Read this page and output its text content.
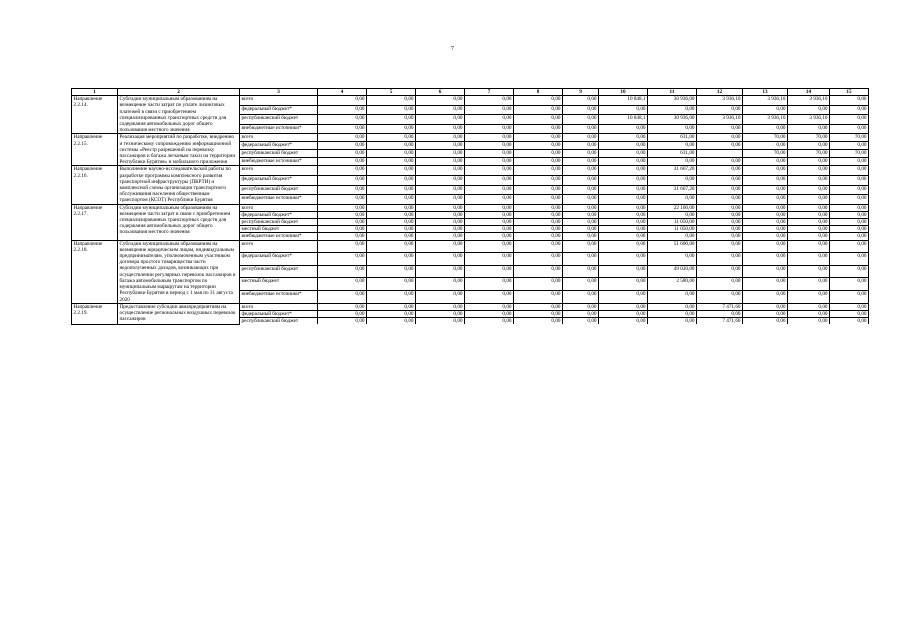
7
1	2	3	4	5	6	7	8	9	10	11	12	13	14	15
Направление 2.2.14.	Субсидии муниципальным образованиям на возмещение части затрат по уплате лизинговых платежей в связи с приобретением специализированных транспортных средств для содержания автомобильных дорог общего пользования местного значения	всего	0,00	0,00	0,00	0,00	0,00	0,00	10 848,1	30 936,00	3 936,10	3 936,10	3 936,10	0,00
		федеральный бюджет*	0,00	0,00	0,00	0,00	0,00	0,00	0,00	0,00	0,00	0,00	0,00	0,00
		республиканский бюджет	0,00	0,00	0,00	0,00	0,00	0,00	10 848,1	30 936,00	3 936,10	3 936,10	3 936,10	0,00
		внебюджетные источники*	0,00	0,00	0,00	0,00	0,00	0,00	0,00	0,00	0,00	0,00	0,00	0,00
Направление 2.2.15.	Реализация мероприятий по разработке, внедрению и техническому сопровождению информационной системы «Реестр разрешений на перевозку пассажиров и багажа легковым такси на территории Республики Бурятия» и мобильного приложения	всего	0,00	0,00	0,00	0,00	0,00	0,00	0,00	631,00	0,00	70,00	70,00	70,00
		федеральный бюджет*	0,00	0,00	0,00	0,00	0,00	0,00	0,00	0,00	0,00	0,00	0,00	0,00
		республиканский бюджет	0,00	0,00	0,00	0,00	0,00	0,00	0,00	631,00		70,00	70,00	70,00
		внебюджетные источники*	0,00	0,00	0,00	0,00	0,00	0,00	0,00	0,00	0,00	0,00	0,00	0,00
Направление 2.2.16.	Выполнение научно-исследовательской работы по разработке программы комплексного развития транспортной инфраструктуры (ПКРТИ) и комплексной схемы организации транспортного обслуживания населения общественным транспортом (КСОТ) Республики Бурятия	всего	0,00	0,00	0,00	0,00	0,00	0,00	0,00	31 667,20	0,00	0,00	0,00	0,00
		федеральный бюджет*	0,00	0,00	0,00	0,00	0,00	0,00	0,00	0,00	0,00	0,00	0,00	0,00
		республиканский бюджет	0,00	0,00	0,00	0,00	0,00	0,00	0,00	31 667,20	0,00	0,00	0,00	0,00
		внебюджетные источники*	0,00	0,00	0,00	0,00	0,00	0,00	0,00	0,00	0,00	0,00	0,00	0,00
Направление 2.2.17.	Субсидии муниципальным образованиям на возмещение части затрат в связи с приобретением специализированных транспортных средств для содержания автомобильных дорог общего пользования местного значения	всего	0,00	0,00	0,00	0,00	0,00	0,00	0,00	22 100,00	0,00	0,00	0,00	0,00
		федеральный бюджет*	0,00	0,00	0,00	0,00	0,00	0,00	0,00	0,00	0,00	0,00	0,00	0,00
		республиканский бюджет	0,00	0,00	0,00	0,00	0,00	0,00	0,00	11 050,00	0,00	0,00	0,00	0,00
		местный бюджет	0,00	0,00	0,00	0,00	0,00	0,00	0,00	11 050,00	0,00	0,00	0,00	0,00
		внебюджетные источники*	0,00	0,00	0,00	0,00	0,00	0,00	0,00	0,00	0,00	0,00	0,00	0,00
Направление 2.2.18.	Субсидии муниципальным образованиям на возмещение юридическим лицам, индивидуальным предпринимателям, уполномоченным участником договора простого товарищества части недополученных доходов, возникающих при осуществлении регулярных перевозок пассажиров и багажа автомобильным транспортом по муниципальным маршрутам на территории Республики Бурятия в период с 1 мая по 31 августа 2020	всего	0,00	0,00	0,00	0,00	0,00	0,00	0,00	51 600,00	0,00	0,00	0,00	0,00
		федеральный бюджет*	0,00	0,00	0,00	0,00	0,00	0,00	0,00	0,00	0,00	0,00	0,00	0,00
		республиканский бюджет	0,00	0,00	0,00	0,00	0,00	0,00	0,00	49 020,00	0,00	0,00	0,00	0,00
		местный бюджет	0,00	0,00	0,00	0,00	0,00	0,00	0,00	2 580,00	0,00	0,00	0,00	0,00
		внебюджетные источники*	0,00	0,00	0,00	0,00	0,00	0,00	0,00	0,00	0,00	0,00	0,00	0,00
Направление 2.2.19.	Предоставление субсидии авиапредприятиям на осуществление региональных воздушных перевозок пассажиров	всего	0,00	0,00	0,00	0,00	0,00	0,00	0,00	0,00	7 471,60	0,00	0,00	0,00
		федеральный бюджет*	0,00	0,00	0,00	0,00	0,00	0,00	0,00	0,00	0,00	0,00	0,00	0,00
		республиканский бюджет	0,00	0,00	0,00	0,00	0,00	0,00	0,00	0,00	7 471,60	0,00	0,00	0,00
